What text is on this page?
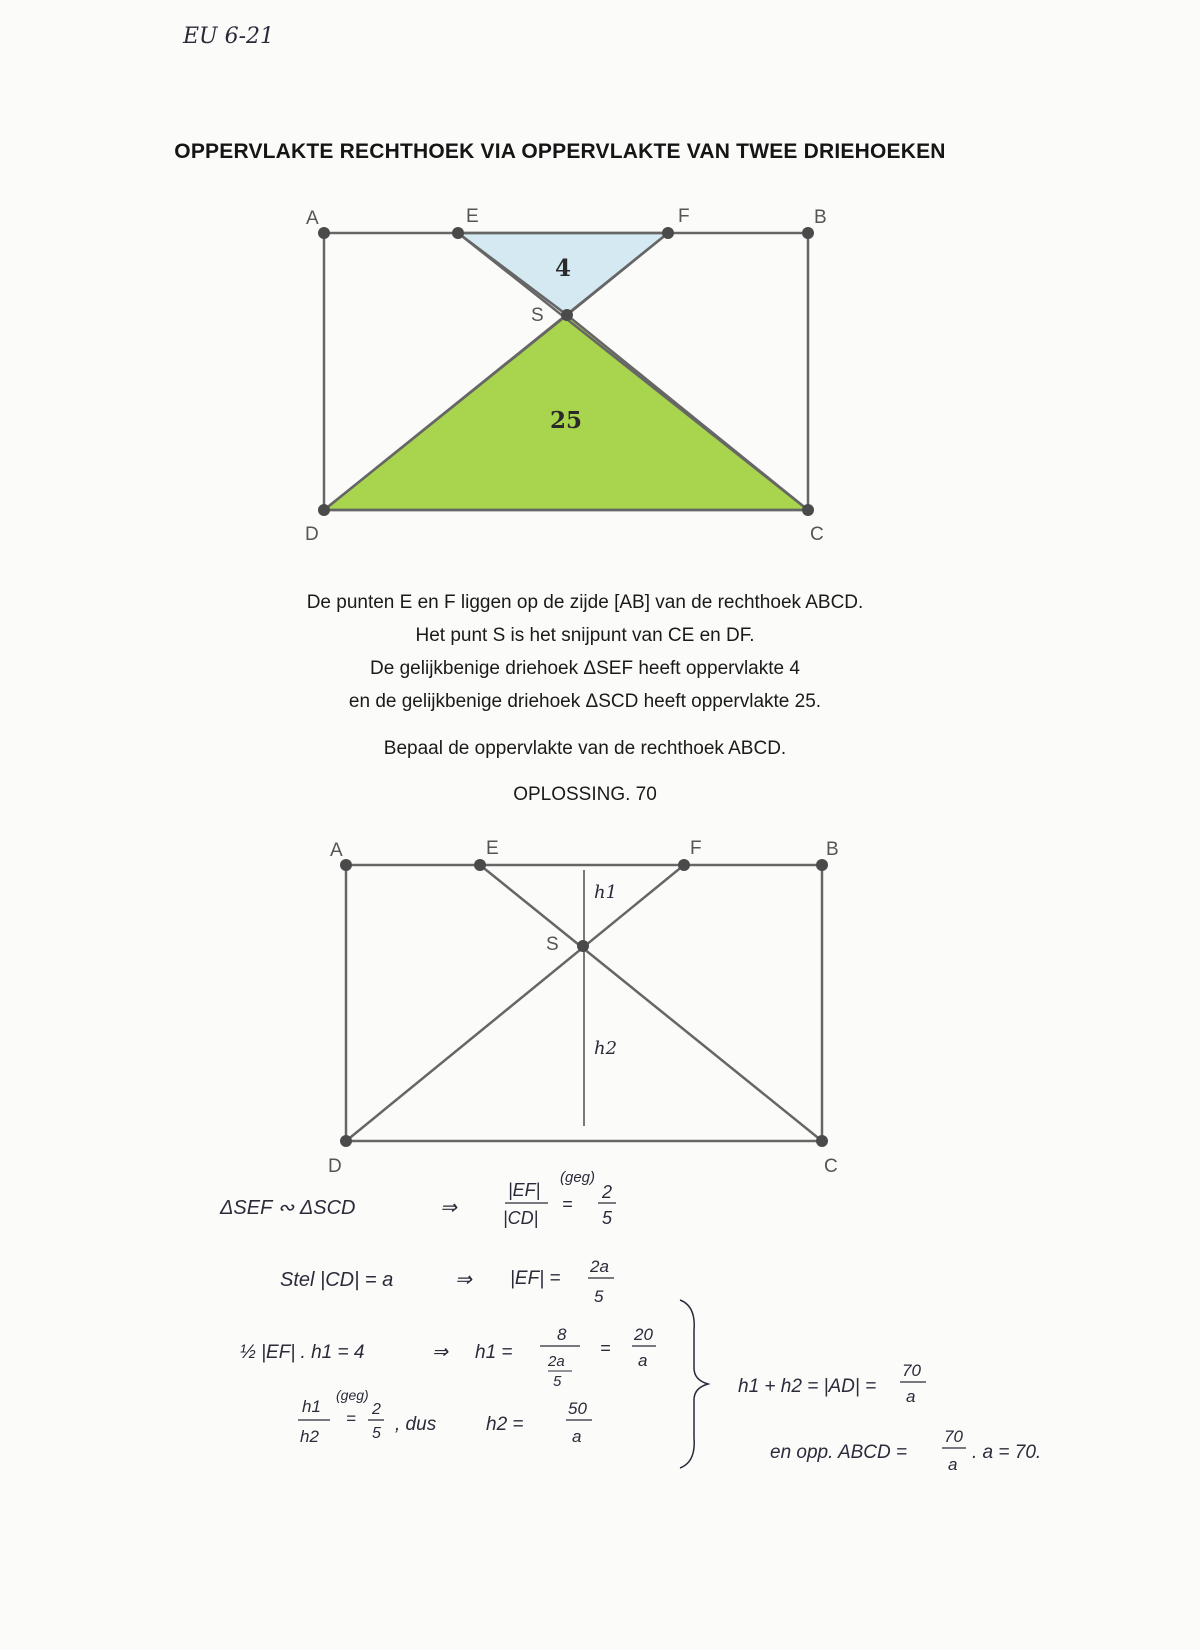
EU 6-21
OPPERVLAKTE RECHTHOEK VIA OPPERVLAKTE VAN TWEE DRIEHOEKEN
A	E	F	B
S
D	C
4
25
De punten E en F liggen op de zijde [AB] van de rechthoek ABCD.
Het punt S is het snijpunt van CE en DF.
De gelijkbenige driehoek ΔSEF heeft oppervlakte 4
en de gelijkbenige driehoek ΔSCD heeft oppervlakte 25.
Bepaal de oppervlakte van de rechthoek ABCD.
OPLOSSING. 70
A	E	F	B
S
D	C
h1
h2
ΔSEF ∾ ΔSCD	⇒
|EF|
|CD|
(geg)
=
2
5
Stel |CD| = a	⇒ |EF| =
2a
5
½ |EF| . h1 = 4	⇒ h1 =
8
2a
5
=
20
a
h1
h2
(geg)
= 2
5 , dus	h2 =
50
a
h1 + h2 = |AD| =
70
a
en opp. ABCD =
70
a
. a = 70.
